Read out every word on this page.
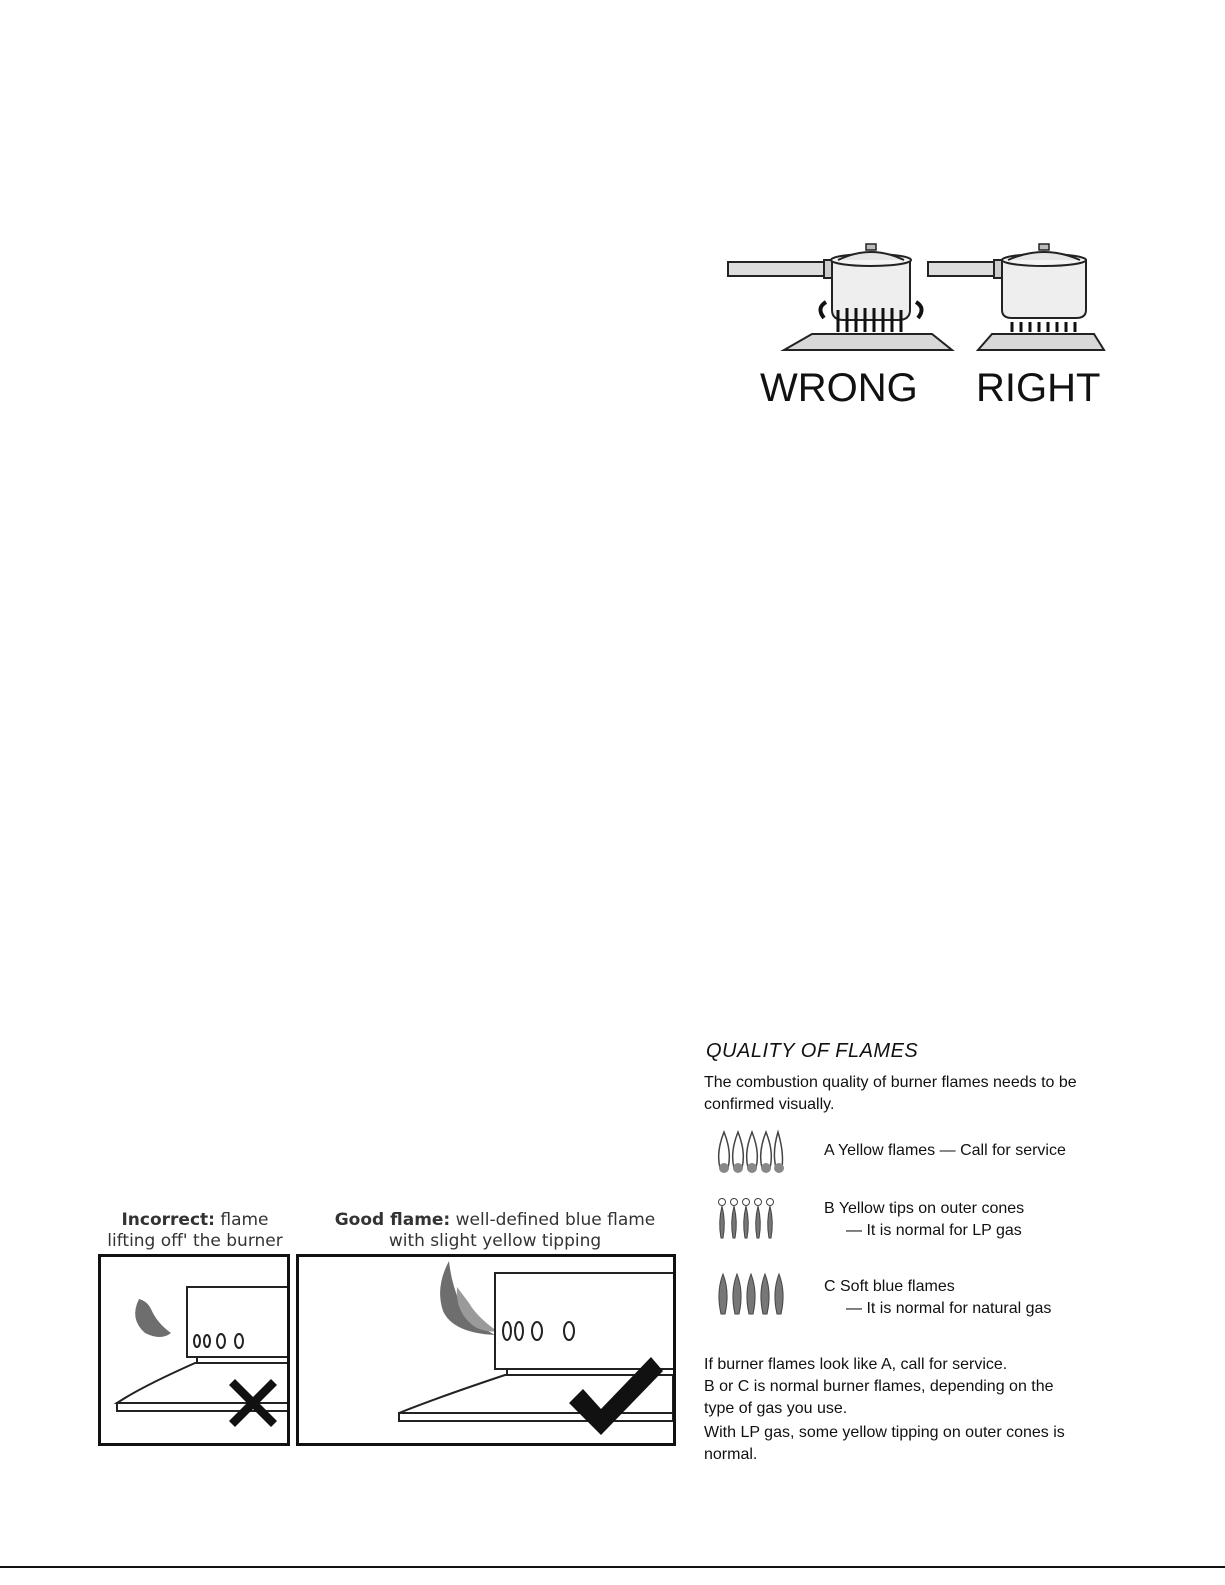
WRONG RIGHT
Incorrect: flame
lifting off' the burner
Good flame: well-defined blue flame
with slight yellow tipping
QUALITY OF FLAMES
The combustion quality of burner flames needs to be
confirmed visually.
A Yellow flames — Call for service
B Yellow tips on outer cones
— It is normal for LP gas
C Soft blue flames
— It is normal for natural gas
If burner flames look like A, call for service.
B or C is normal burner flames, depending on the
type of gas you use.
With LP gas, some yellow tipping on outer cones is
normal.
